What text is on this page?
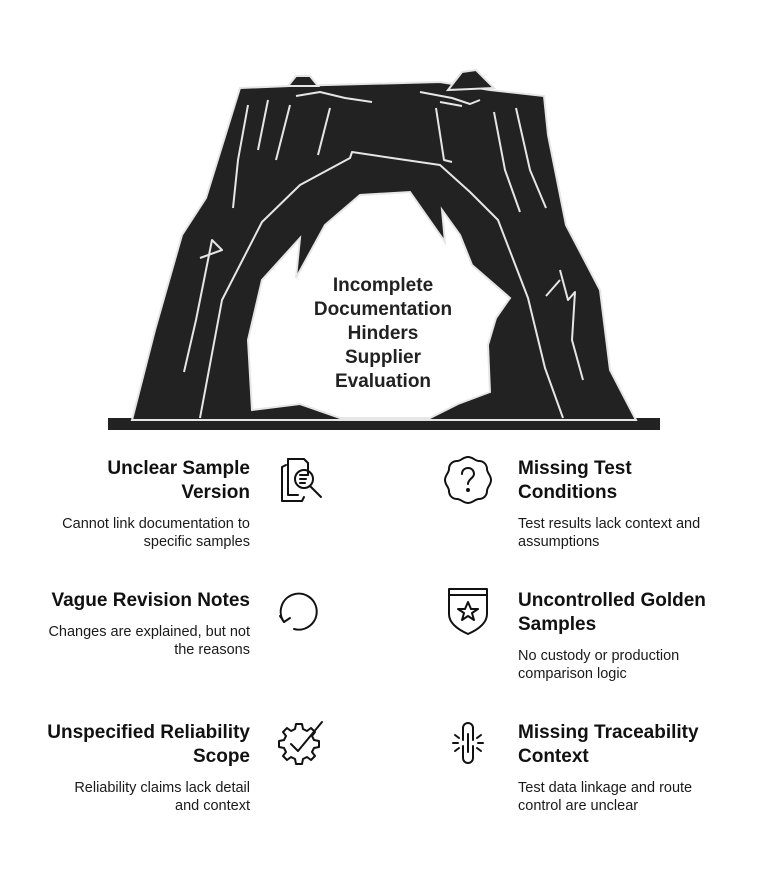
Incomplete
Documentation
Hinders
Supplier
Evaluation
Unclear Sample
Version
Cannot link documentation to
specific samples
Missing Test
Conditions
Test results lack context and
assumptions
Vague Revision Notes
Changes are explained, but not
the reasons
Uncontrolled Golden
Samples
No custody or production
comparison logic
Unspecified Reliability
Scope
Reliability claims lack detail
and context
Missing Traceability
Context
Test data linkage and route
control are unclear
